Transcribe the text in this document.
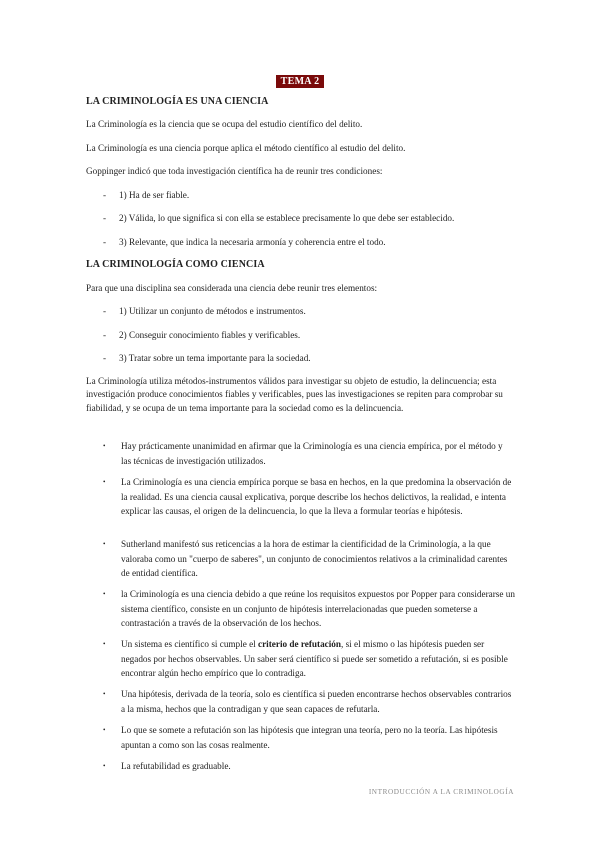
TEMA 2
LA CRIMINOLOGÍA ES UNA CIENCIA
La Criminología es la ciencia que se ocupa del estudio científico del delito.
La Criminología es una ciencia porque aplica el método científico al estudio del delito.
Goppinger indicó que toda investigación científica ha de reunir tres condiciones:
- 1) Ha de ser fiable.
- 2) Válida, lo que significa si con ella se establece precisamente lo que debe ser establecido.
- 3) Relevante, que indica la necesaria armonía y coherencia entre el todo.
LA CRIMINOLOGÍA COMO CIENCIA
Para que una disciplina sea considerada una ciencia debe reunir tres elementos:
- 1) Utilizar un conjunto de métodos e instrumentos.
- 2) Conseguir conocimiento fiables y verificables.
- 3) Tratar sobre un tema importante para la sociedad.
La Criminología utiliza métodos-instrumentos válidos para investigar su objeto de estudio, la delincuencia; esta investigación produce conocimientos fiables y verificables, pues las investigaciones se repiten para comprobar su fiabilidad, y se ocupa de un tema importante para la sociedad como es la delincuencia.
• Hay prácticamente unanimidad en afirmar que la Criminología es una ciencia empírica, por el método y las técnicas de investigación utilizados.
• La Criminología es una ciencia empírica porque se basa en hechos, en la que predomina la observación de la realidad. Es una ciencia causal explicativa, porque describe los hechos delictivos, la realidad, e intenta explicar las causas, el origen de la delincuencia, lo que la lleva a formular teorías e hipótesis.
• Sutherland manifestó sus reticencias a la hora de estimar la cientificidad de la Criminología, a la que valoraba como un "cuerpo de saberes", un conjunto de conocimientos relativos a la criminalidad carentes de entidad científica.
• la Criminología es una ciencia debido a que reúne los requisitos expuestos por Popper para considerarse un sistema científico, consiste en un conjunto de hipótesis interrelacionadas que pueden someterse a contrastación a través de la observación de los hechos.
• Un sistema es científico si cumple el criterio de refutación, si el mismo o las hipótesis pueden ser negados por hechos observables. Un saber será científico si puede ser sometido a refutación, si es posible encontrar algún hecho empírico que lo contradiga.
• Una hipótesis, derivada de la teoría, solo es científica si pueden encontrarse hechos observables contrarios a la misma, hechos que la contradigan y que sean capaces de refutarla.
• Lo que se somete a refutación son las hipótesis que integran una teoría, pero no la teoría. Las hipótesis apuntan a como son las cosas realmente.
• La refutabilidad es graduable.
INTRODUCCIÓN A LA CRIMINOLOGÍA
